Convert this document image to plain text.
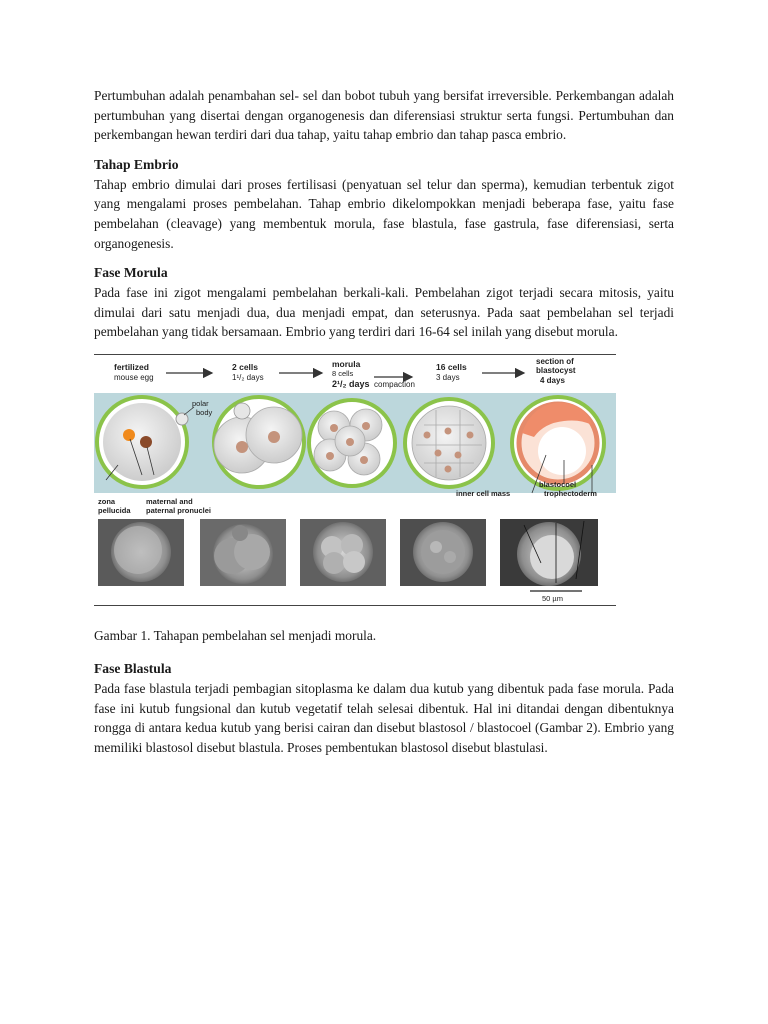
Pertumbuhan adalah penambahan sel- sel dan bobot tubuh yang bersifat irreversible. Perkembangan adalah pertumbuhan yang disertai dengan organogenesis dan diferensiasi struktur serta fungsi. Pertumbuhan dan perkembangan hewan terdiri dari dua tahap, yaitu tahap embrio dan tahap pasca embrio.

Tahap Embrio

Tahap embrio dimulai dari proses fertilisasi (penyatuan sel telur dan sperma), kemudian terbentuk zigot yang mengalami proses pembelahan. Tahap embrio dikelompokkan menjadi beberapa fase, yaitu fase pembelahan (cleavage) yang membentuk morula, fase blastula, fase gastrula, fase diferensiasi, serta organogenesis.

Fase Morula

Pada fase ini zigot mengalami pembelahan berkali-kali. Pembelahan zigot terjadi secara mitosis, yaitu dimulai dari satu menjadi dua, dua menjadi empat, dan seterusnya. Pada saat pembelahan sel terjadi pembelahan yang tidak bersamaan. Embrio yang terdiri dari 16-64 sel inilah yang disebut morula.

fertilized
mouse egg
2 cells
1¹/₂ days
morula
8 cells
2¹/₂ days compaction
16 cells
3 days
section of
blastocyst
4 days
polar
body
zona
pellucida
maternal and
paternal pronuclei
blastocoel
inner cell mass	trophectoderm
50 µm

Gambar 1. Tahapan pembelahan sel menjadi morula.

Fase Blastula

Pada fase blastula terjadi pembagian sitoplasma ke dalam dua kutub yang dibentuk pada fase morula. Pada fase ini kutub fungsional dan kutub vegetatif telah selesai dibentuk. Hal ini ditandai dengan dibentuknya rongga di antara kedua kutub yang berisi cairan dan disebut blastosol / blastocoel (Gambar 2). Embrio yang memiliki blastosol disebut blastula. Proses pembentukan blastosol disebut blastulasi.
